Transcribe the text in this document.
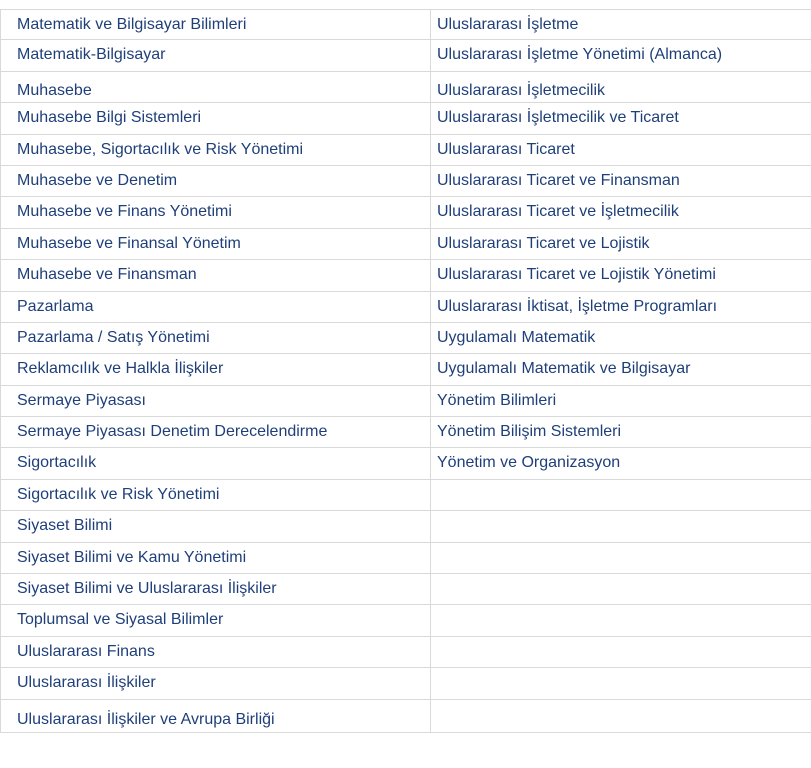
Matematik ve Bilgisayar Bilimleri	Uluslararası İşletme
Matematik-Bilgisayar	Uluslararası İşletme Yönetimi (Almanca)
Muhasebe	Uluslararası İşletmecilik
Muhasebe Bilgi Sistemleri	Uluslararası İşletmecilik ve Ticaret
Muhasebe, Sigortacılık ve Risk Yönetimi	Uluslararası Ticaret
Muhasebe ve Denetim	Uluslararası Ticaret ve Finansman
Muhasebe ve Finans Yönetimi	Uluslararası Ticaret ve İşletmecilik
Muhasebe ve Finansal Yönetim	Uluslararası Ticaret ve Lojistik
Muhasebe ve Finansman	Uluslararası Ticaret ve Lojistik Yönetimi
Pazarlama	Uluslararası İktisat, İşletme Programları
Pazarlama / Satış Yönetimi	Uygulamalı Matematik
Reklamcılık ve Halkla İlişkiler	Uygulamalı Matematik ve Bilgisayar
Sermaye Piyasası	Yönetim Bilimleri
Sermaye Piyasası Denetim Derecelendirme	Yönetim Bilişim Sistemleri
Sigortacılık	Yönetim ve Organizasyon
Sigortacılık ve Risk Yönetimi
Siyaset Bilimi
Siyaset Bilimi ve Kamu Yönetimi
Siyaset Bilimi ve Uluslararası İlişkiler
Toplumsal ve Siyasal Bilimler
Uluslararası Finans
Uluslararası İlişkiler
Uluslararası İlişkiler ve Avrupa Birliği
